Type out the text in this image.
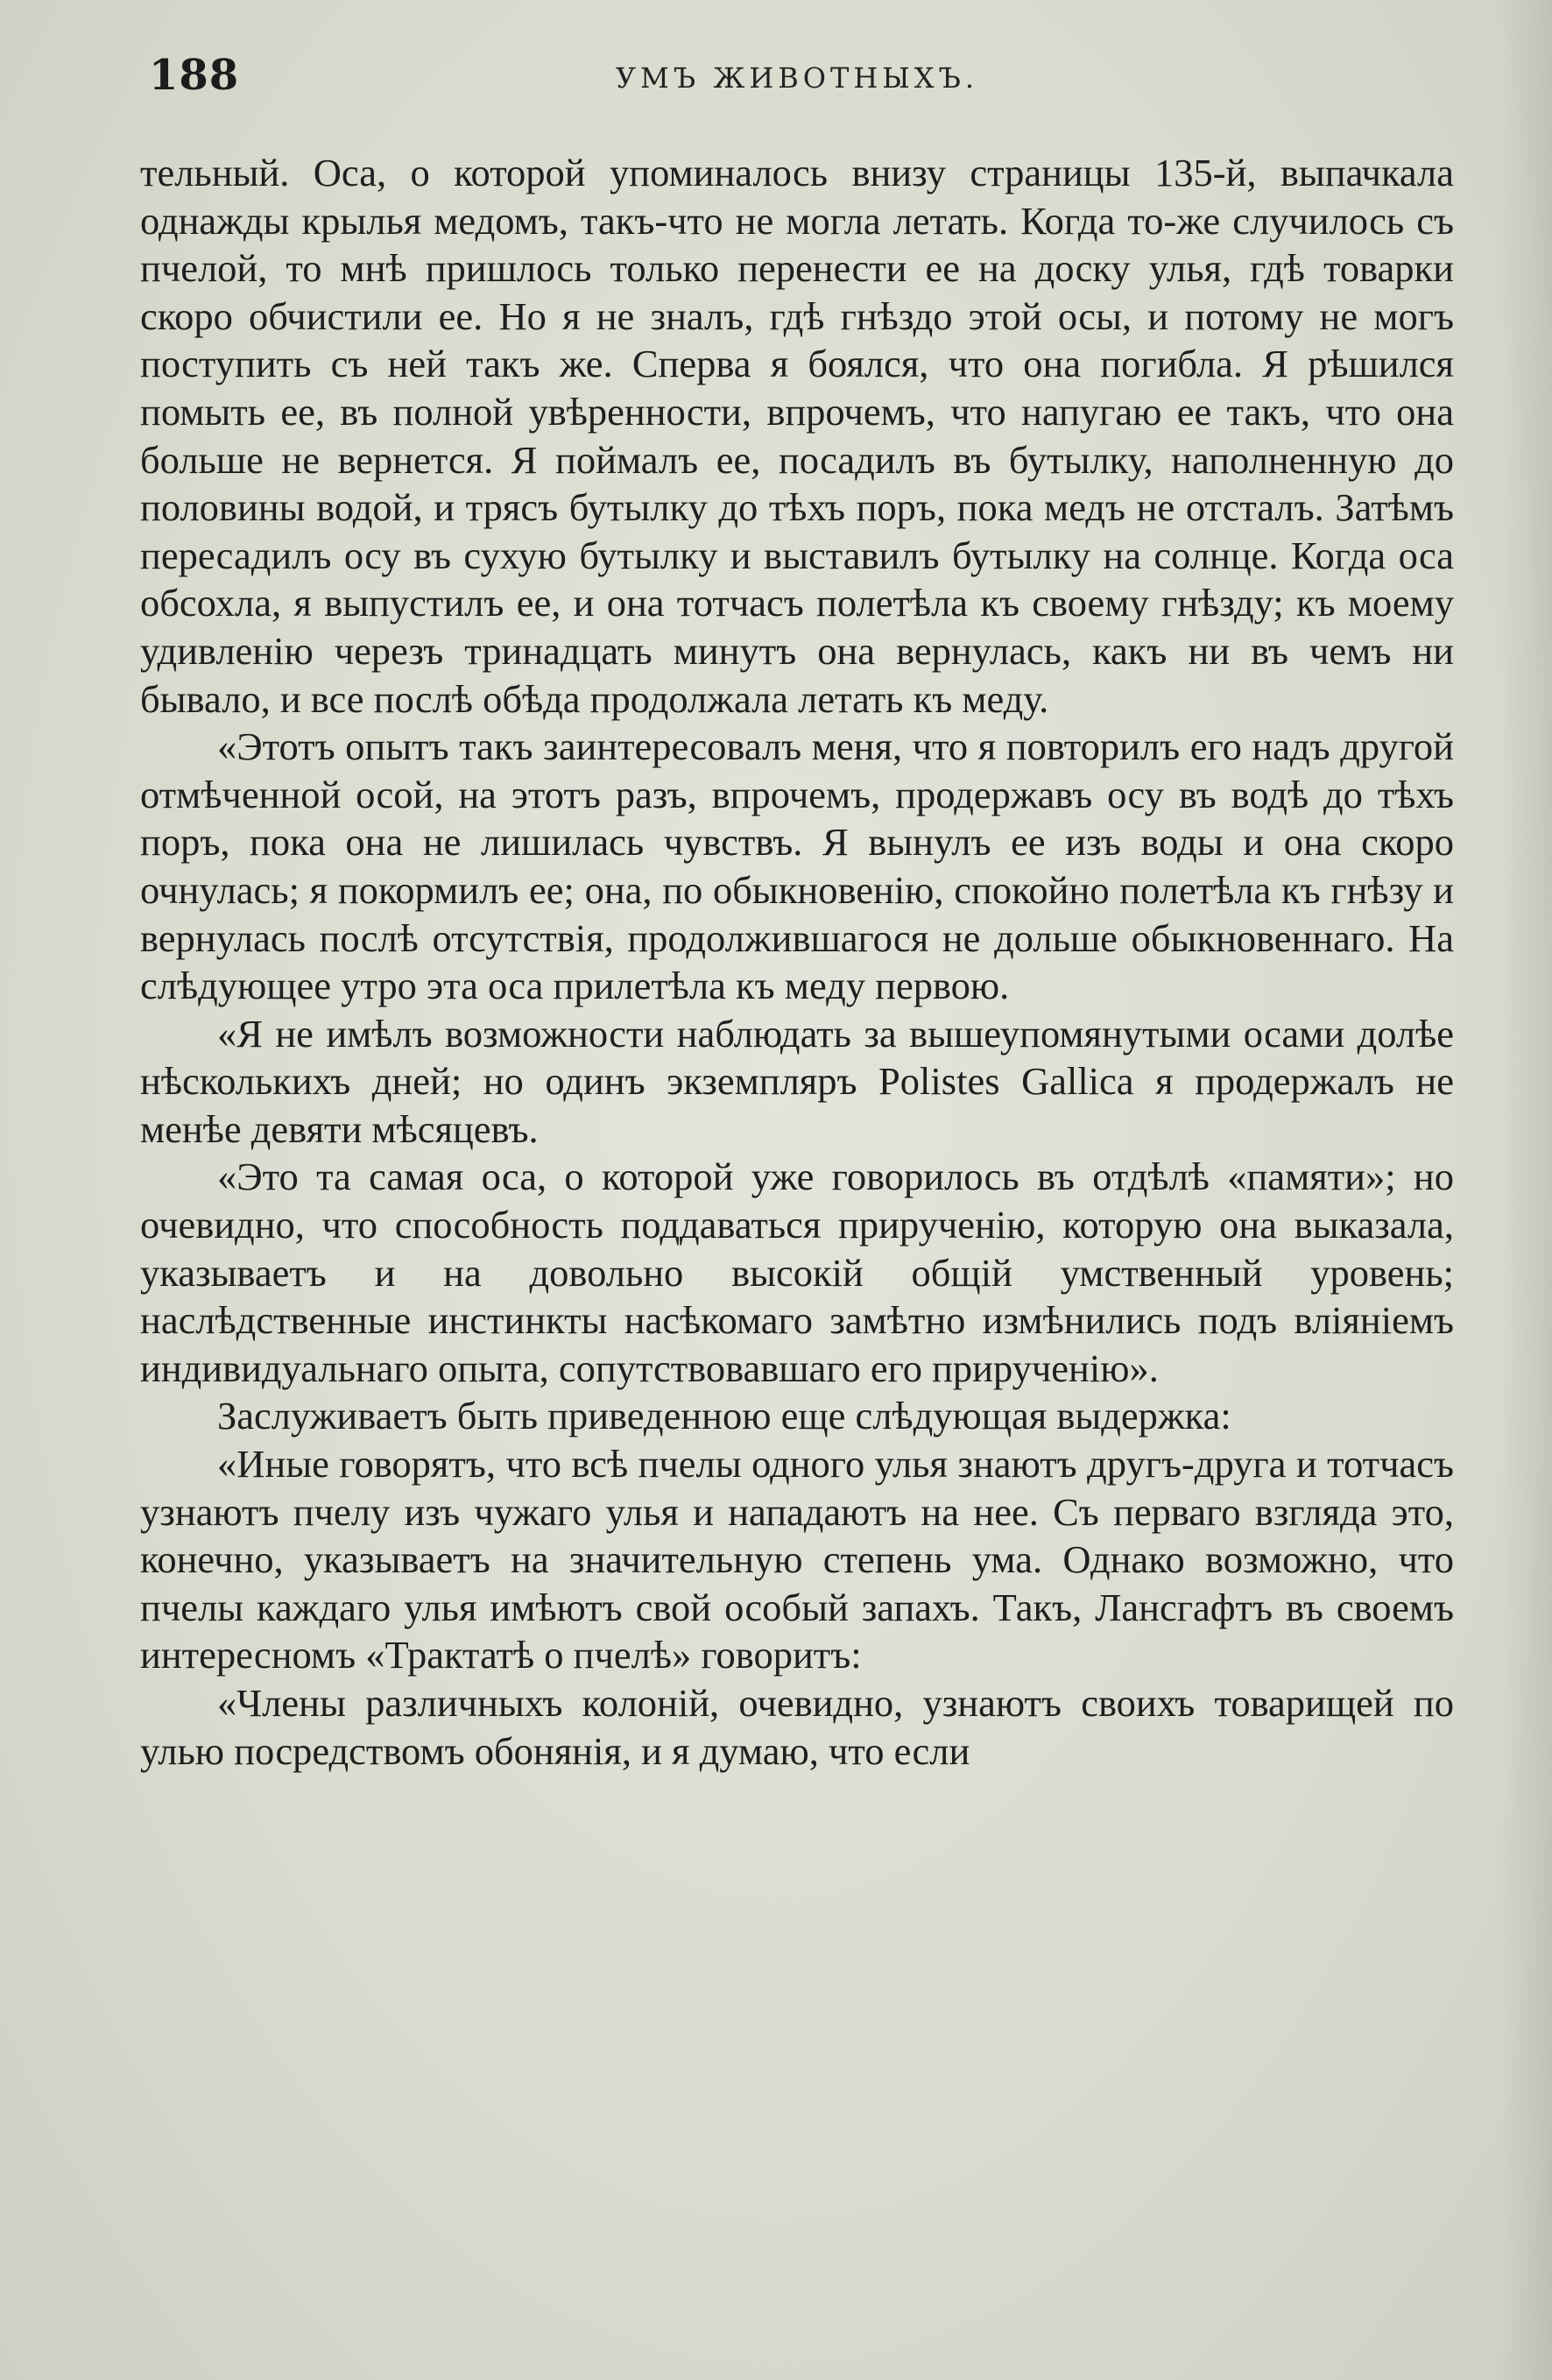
188	УМЪ ЖИВОТНЫХЪ.

тельный. Оса, о которой упоминалось внизу страницы 135-й, выпачкала однажды крылья медомъ, такъ-что не могла летать. Когда то-же случилось съ пчелой, то мнѣ пришлось только перенести ее на доску улья, гдѣ товарки скоро обчистили ее. Но я не зналъ, гдѣ гнѣздо этой осы, и потому не могъ поступить съ ней такъ же. Сперва я боялся, что она погибла. Я рѣшился помыть ее, въ полной увѣренности, впрочемъ, что напугаю ее такъ, что она больше не вернется. Я поймалъ ее, посадилъ въ бутылку, наполненную до половины водой, и трясъ бутылку до тѣхъ поръ, пока медъ не отсталъ. Затѣмъ пересадилъ осу въ сухую бутылку и выставилъ бутылку на солнце. Когда оса обсохла, я выпустилъ ее, и она тотчасъ полетѣла къ своему гнѣзду; къ моему удивленію черезъ тринадцать минутъ она вернулась, какъ ни въ чемъ ни бывало, и все послѣ обѣда продолжала летать къ меду.

«Этотъ опытъ такъ заинтересовалъ меня, что я повторилъ его надъ другой отмѣченной осой, на этотъ разъ, впрочемъ, продержавъ осу въ водѣ до тѣхъ поръ, пока она не лишилась чувствъ. Я вынулъ ее изъ воды и она скоро очнулась; я покормилъ ее; она, по обыкновенію, спокойно полетѣла къ гнѣзу и вернулась послѣ отсутствія, продолжившагося не дольше обыкновеннаго. На слѣдующее утро эта оса прилетѣла къ меду первою.

«Я не имѣлъ возможности наблюдать за вышеупомянутыми осами долѣе нѣсколькихъ дней; но одинъ экземпляръ Polistes Gallica я продержалъ не менѣе девяти мѣсяцевъ.

«Это та самая оса, о которой уже говорилось въ отдѣлѣ «памяти»; но очевидно, что способность поддаваться прирученію, которую она выказала, указываетъ и на довольно высокій общій умственный уровень; наслѣдственные инстинкты насѣкомаго замѣтно измѣнились подъ вліяніемъ индивидуальнаго опыта, сопутствовавшаго его прирученію».

Заслуживаетъ быть приведенною еще слѣдующая выдержка:

«Иные говорятъ, что всѣ пчелы одного улья знаютъ другъ-друга и тотчасъ узнаютъ пчелу изъ чужаго улья и нападаютъ на нее. Съ перваго взгляда это, конечно, указываетъ на значительную степень ума. Однако возможно, что пчелы каждаго улья имѣютъ свой особый запахъ. Такъ, Лансгафтъ въ своемъ интересномъ «Трактатѣ о пчелѣ» говоритъ:

«Члены различныхъ колоній, очевидно, узнаютъ своихъ товарищей по улью посредствомъ обонянія, и я думаю, что если
